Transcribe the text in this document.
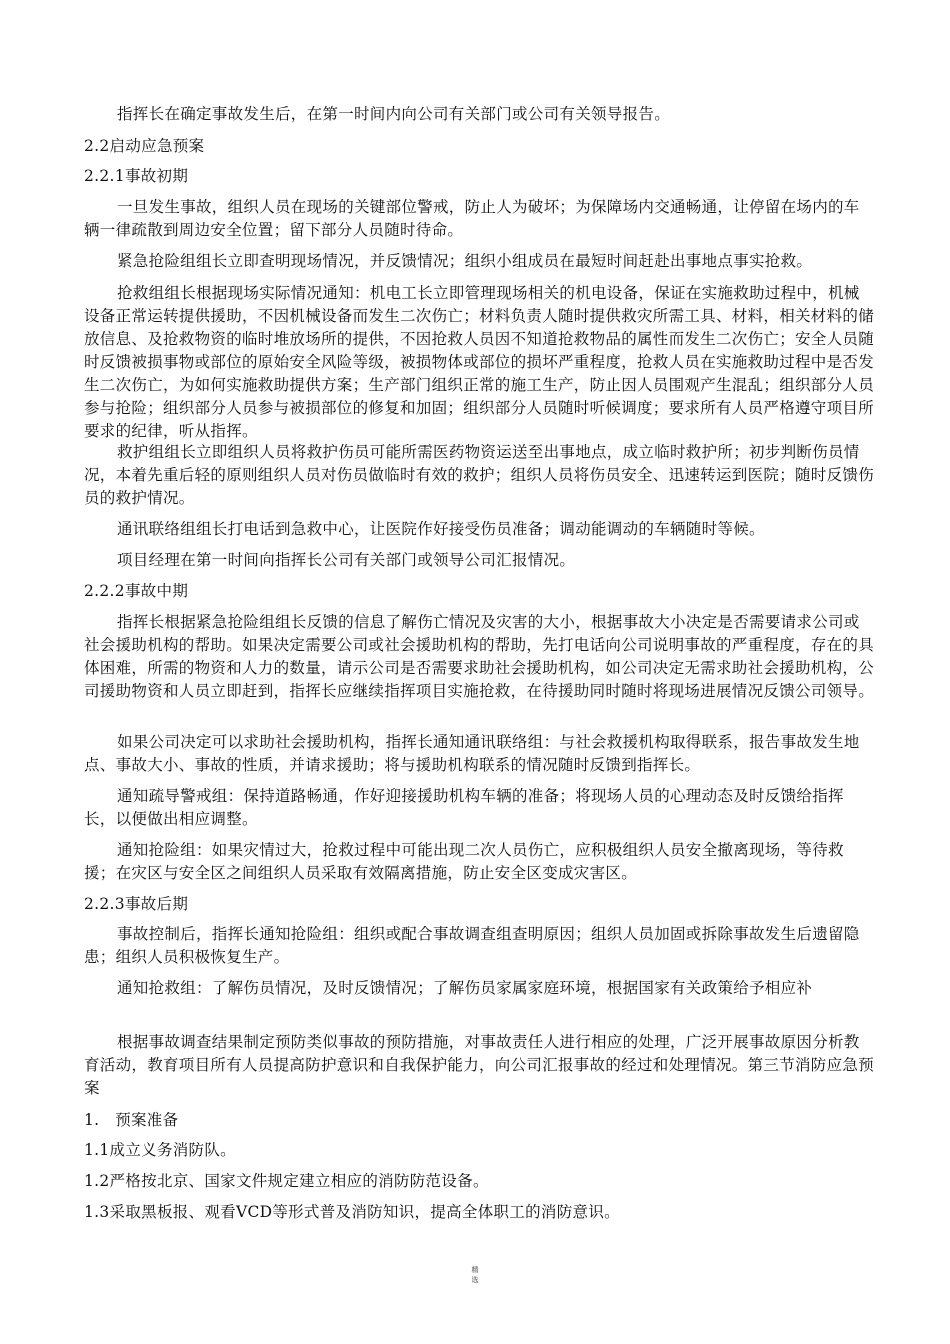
指挥长在确定事故发生后，在第一时间内向公司有关部门或公司有关领导报告。

2.2启动应急预案

2.2.1事故初期

一旦发生事故，组织人员在现场的关键部位警戒，防止人为破坏；为保障场内交通畅通，让停留在场内的车辆一律疏散到周边安全位置；留下部分人员随时待命。

紧急抢险组组长立即查明现场情况，并反馈情况；组织小组成员在最短时间赶赴出事地点事实抢救。

抢救组组长根据现场实际情况通知：机电工长立即管理现场相关的机电设备，保证在实施救助过程中，机械设备正常运转提供援助，不因机械设备而发生二次伤亡；材料负责人随时提供救灾所需工具、材料，相关材料的储放信息、及抢救物资的临时堆放场所的提供，不因抢救人员因不知道抢救物品的属性而发生二次伤亡；安全人员随时反馈被损事物或部位的原始安全风险等级，被损物体或部位的损坏严重程度，抢救人员在实施救助过程中是否发生二次伤亡，为如何实施救助提供方案；生产部门组织正常的施工生产，防止因人员围观产生混乱；组织部分人员参与抢险；组织部分人员参与被损部位的修复和加固；组织部分人员随时听候调度；要求所有人员严格遵守项目所要求的纪律，听从指挥。

救护组组长立即组织人员将救护伤员可能所需医药物资运送至出事地点，成立临时救护所；初步判断伤员情况，本着先重后轻的原则组织人员对伤员做临时有效的救护；组织人员将伤员安全、迅速转运到医院；随时反馈伤员的救护情况。

通讯联络组组长打电话到急救中心，让医院作好接受伤员准备；调动能调动的车辆随时等候。

项目经理在第一时间向指挥长公司有关部门或领导公司汇报情况。

2.2.2事故中期

指挥长根据紧急抢险组组长反馈的信息了解伤亡情况及灾害的大小，根据事故大小决定是否需要请求公司或社会援助机构的帮助。如果决定需要公司或社会援助机构的帮助，先打电话向公司说明事故的严重程度，存在的具体困难，所需的物资和人力的数量，请示公司是否需要求助社会援助机构，如公司决定无需求助社会援助机构，公司援助物资和人员立即赶到，指挥长应继续指挥项目实施抢救，在待援助同时随时将现场进展情况反馈公司领导。

如果公司决定可以求助社会援助机构，指挥长通知通讯联络组：与社会救援机构取得联系，报告事故发生地点、事故大小、事故的性质，并请求援助；将与援助机构联系的情况随时反馈到指挥长。

通知疏导警戒组：保持道路畅通，作好迎接援助机构车辆的准备；将现场人员的心理动态及时反馈给指挥长，以便做出相应调整。

通知抢险组：如果灾情过大，抢救过程中可能出现二次人员伤亡，应积极组织人员安全撤离现场，等待救援；在灾区与安全区之间组织人员采取有效隔离措施，防止安全区变成灾害区。

2.2.3事故后期

事故控制后，指挥长通知抢险组：组织或配合事故调查组查明原因；组织人员加固或拆除事故发生后遗留隐患；组织人员积极恢复生产。

通知抢救组：了解伤员情况，及时反馈情况；了解伤员家属家庭环境，根据国家有关政策给予相应补

根据事故调查结果制定预防类似事故的预防措施，对事故责任人进行相应的处理，广泛开展事故原因分析教育活动，教育项目所有人员提高防护意识和自我保护能力，向公司汇报事故的经过和处理情况。第三节消防应急预案

1.　预案准备

1.1成立义务消防队。

1.2严格按北京、国家文件规定建立相应的消防防范设备。

1.3采取黑板报、观看VCD等形式普及消防知识，提高全体职工的消防意识。

精
选
